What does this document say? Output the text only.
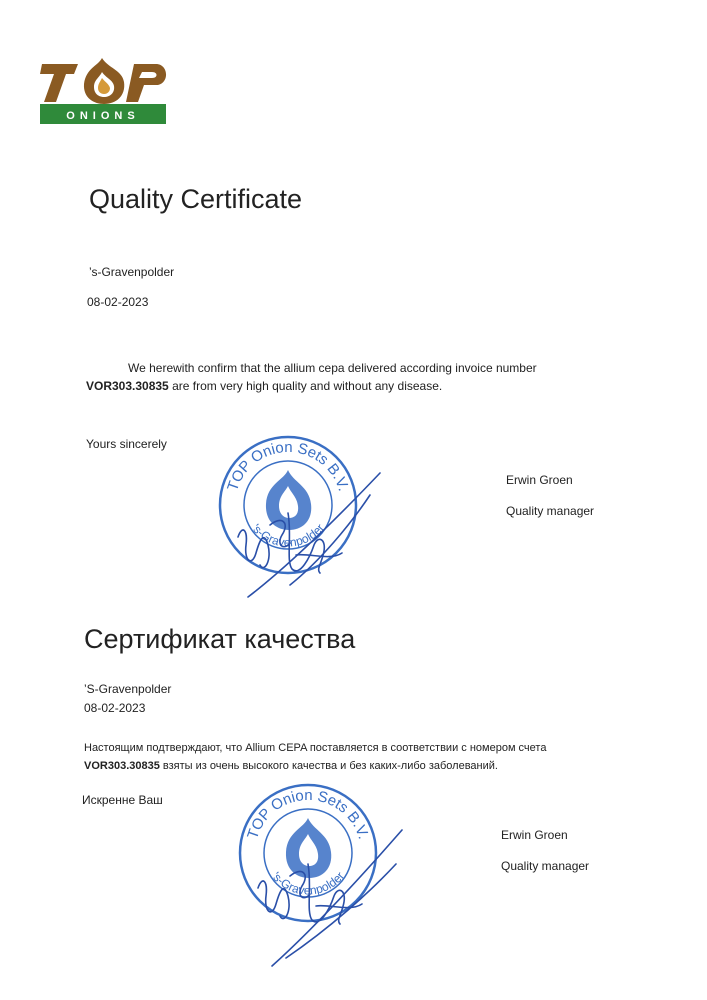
ONIONS
Quality Certificate
’s-Gravenpolder
08-02-2023
We herewith confirm that the allium cepa delivered according invoice number
VOR303.30835 are from very high quality and without any disease.
Yours sincerely
Erwin Groen
Quality manager
TOP Onion Sets B.V.
's-Gravenpolder
Сертификат качества
’S-Gravenpolder
08-02-2023
Настоящим подтверждают, что Allium CEPA поставляется в соответствии с номером счета
VOR303.30835 взяты из очень высокого качества и без каких-либо заболеваний.
Искренне Ваш
Erwin Groen
Quality manager
TOP Onion Sets B.V.
's-Gravenpolder
